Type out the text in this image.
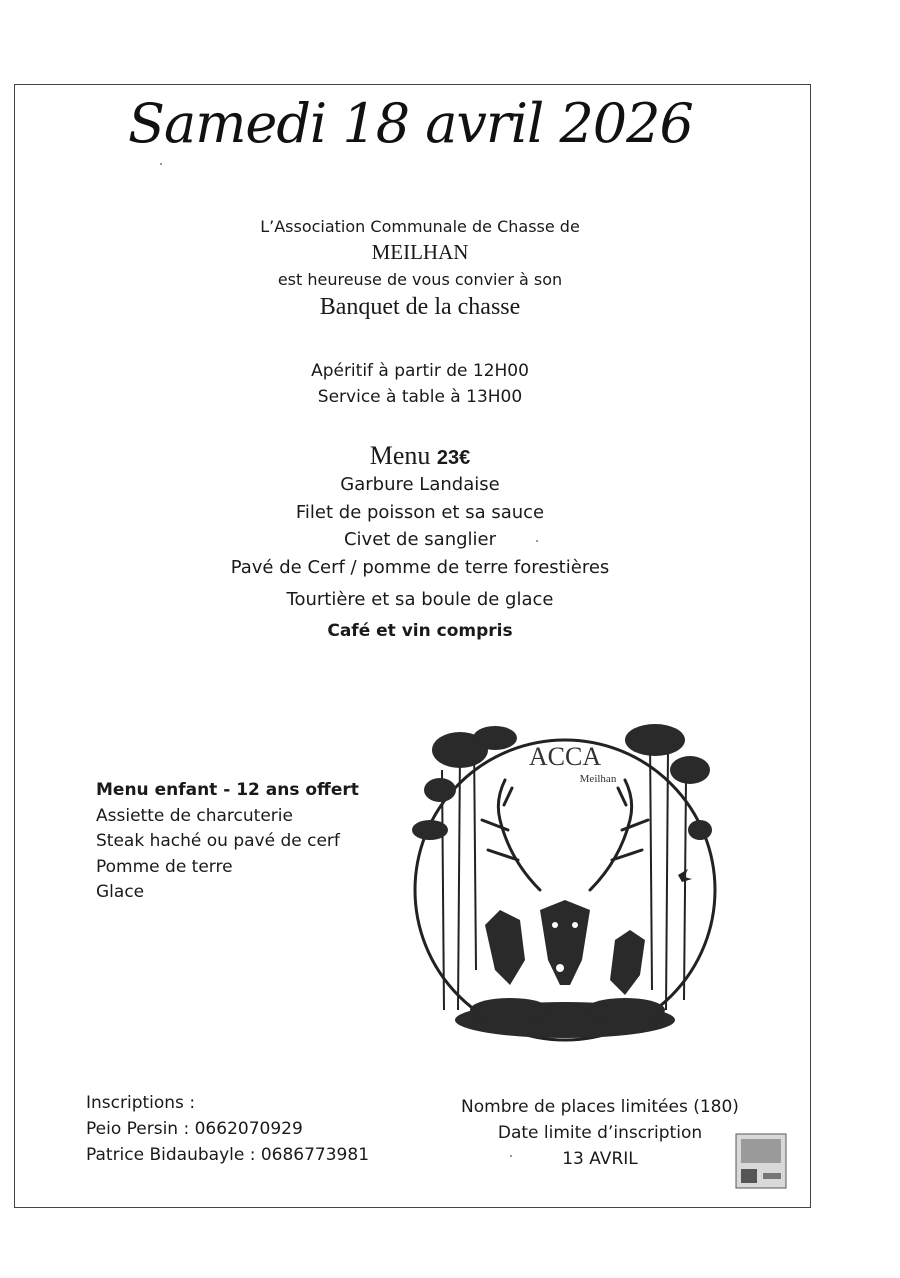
Samedi 18 avril 2026
L’Association Communale de Chasse de
MEILHAN
est heureuse de vous convier à son
Banquet de la chasse
Apéritif à partir de 12H00
Service à table à 13H00
Menu 23€
Garbure Landaise
Filet de poisson et sa sauce
Civet de sanglier
Pavé de Cerf / pomme de terre forestières
Tourtière et sa boule de glace
Café et vin compris
Menu enfant - 12 ans offert
Assiette de charcuterie
Steak haché ou pavé de cerf
Pomme de terre
Glace
ACCA
Meilhan
Inscriptions :
Peio Persin : 0662070929
Patrice Bidaubayle : 0686773981
Nombre de places limitées (180)
Date limite d’inscription
13 AVRIL
